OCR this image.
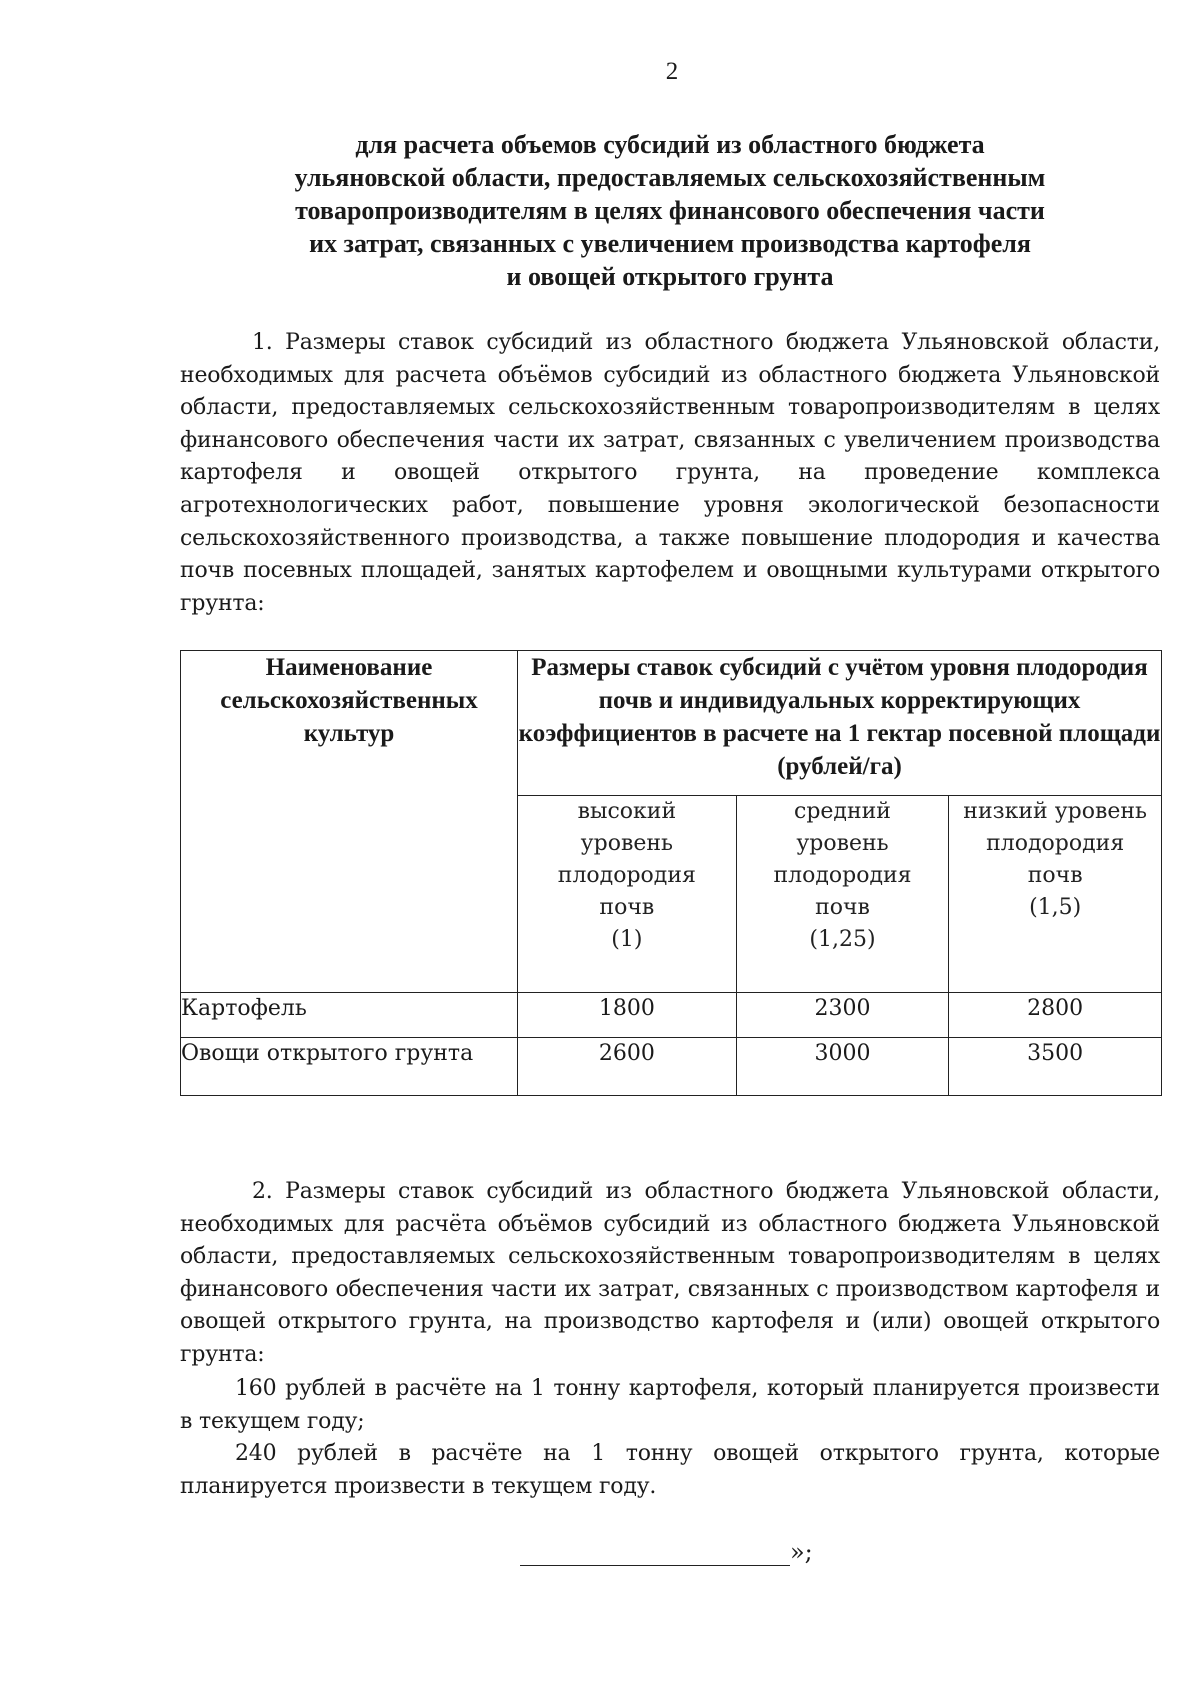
2
для расчета объемов субсидий из областного бюджета
ульяновской области, предоставляемых сельскохозяйственным
товаропроизводителям в целях финансового обеспечения части
их затрат, связанных с увеличением производства картофеля
и овощей открытого грунта
1. Размеры ставок субсидий из областного бюджета Ульяновской области, необходимых для расчета объёмов субсидий из областного бюджета Ульяновской области, предоставляемых сельскохозяйственным товаропроизводителям в целях финансового обеспечения части их затрат, связанных с увеличением производства картофеля и овощей открытого грунта, на проведение комплекса агротехнологических работ, повышение уровня экологической безопасности сельскохозяйственного производства, а также повышение плодородия и качества почв посевных площадей, занятых картофелем и овощными культурами открытого грунта:
Наименование сельскохозяйственных культур	Размеры ставок субсидий с учётом уровня плодородия почв и индивидуальных корректирующих коэффициентов в расчете на 1 гектар посевной площади (рублей/га)		

	высокий
уровень
плодородия
почв
(1)	средний
уровень
плодородия
почв
(1,25)	низкий уровень
плодородия
почв
(1,5)

Картофель	1800	2300	2800
Овощи открытого грунта	2600	3000	3500
2. Размеры ставок субсидий из областного бюджета Ульяновской области, необходимых для расчёта объёмов субсидий из областного бюджета Ульяновской области, предоставляемых сельскохозяйственным товаропроизводителям в целях финансового обеспечения части их затрат, связанных с производством картофеля и овощей открытого грунта, на производство картофеля и (или) овощей открытого грунта:
160 рублей в расчёте на 1 тонну картофеля, который планируется произвести в текущем году;
240 рублей в расчёте на 1 тонну овощей открытого грунта, которые планируется произвести в текущем году.
»;
